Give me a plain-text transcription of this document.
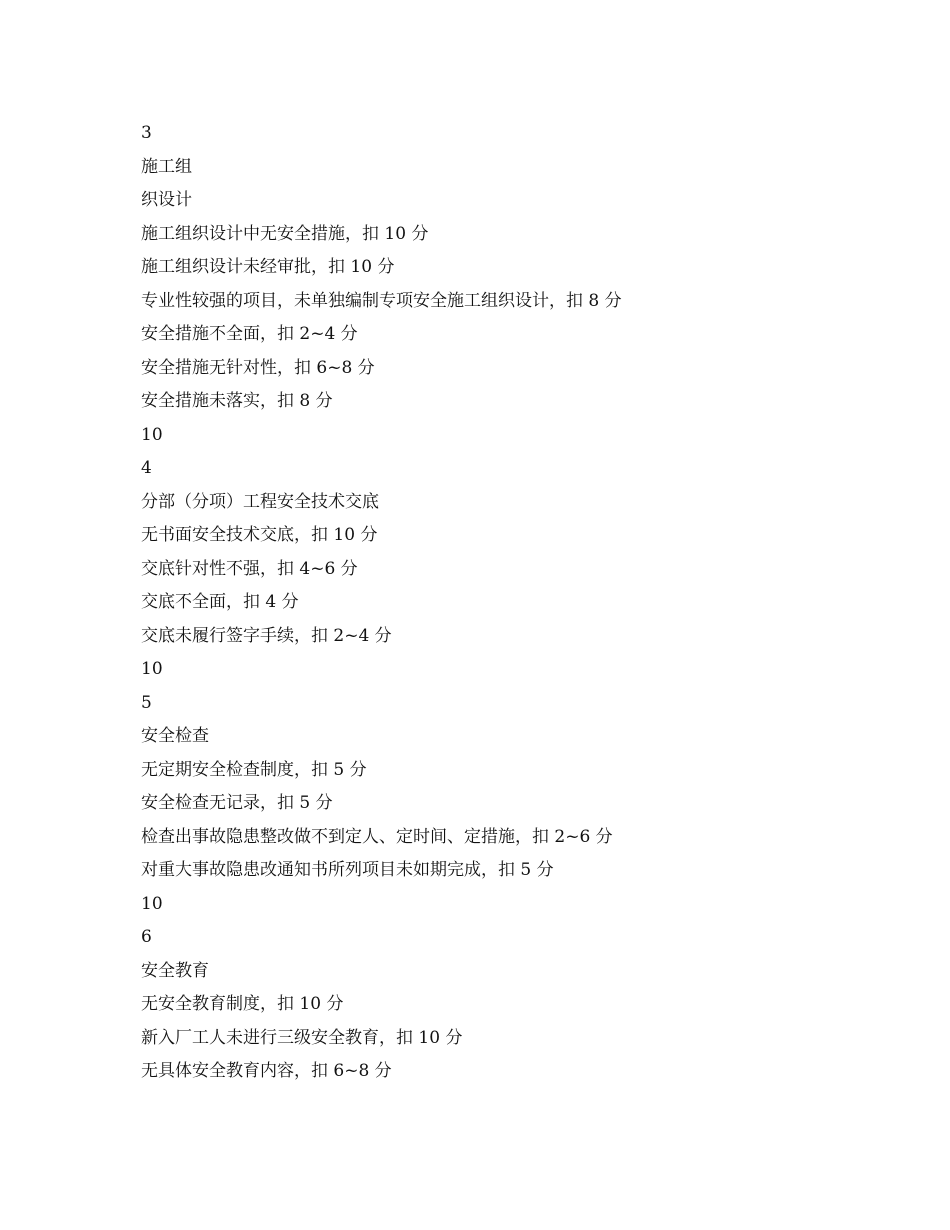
3
施工组
织设计
施工组织设计中无安全措施，扣 10 分
施工组织设计未经审批，扣 10 分
专业性较强的项目，未单独编制专项安全施工组织设计，扣 8 分
安全措施不全面，扣 2~4 分
安全措施无针对性，扣 6~8 分
安全措施未落实，扣 8 分
10
4
分部（分项）工程安全技术交底
无书面安全技术交底，扣 10 分
交底针对性不强，扣 4~6 分
交底不全面，扣 4 分
交底未履行签字手续，扣 2~4 分
10
5
安全检查
无定期安全检查制度，扣 5 分
安全检查无记录，扣 5 分
检查出事故隐患整改做不到定人、定时间、定措施，扣 2~6 分
对重大事故隐患改通知书所列项目未如期完成，扣 5 分
10
6
安全教育
无安全教育制度，扣 10 分
新入厂工人未进行三级安全教育，扣 10 分
无具体安全教育内容，扣 6~8 分
